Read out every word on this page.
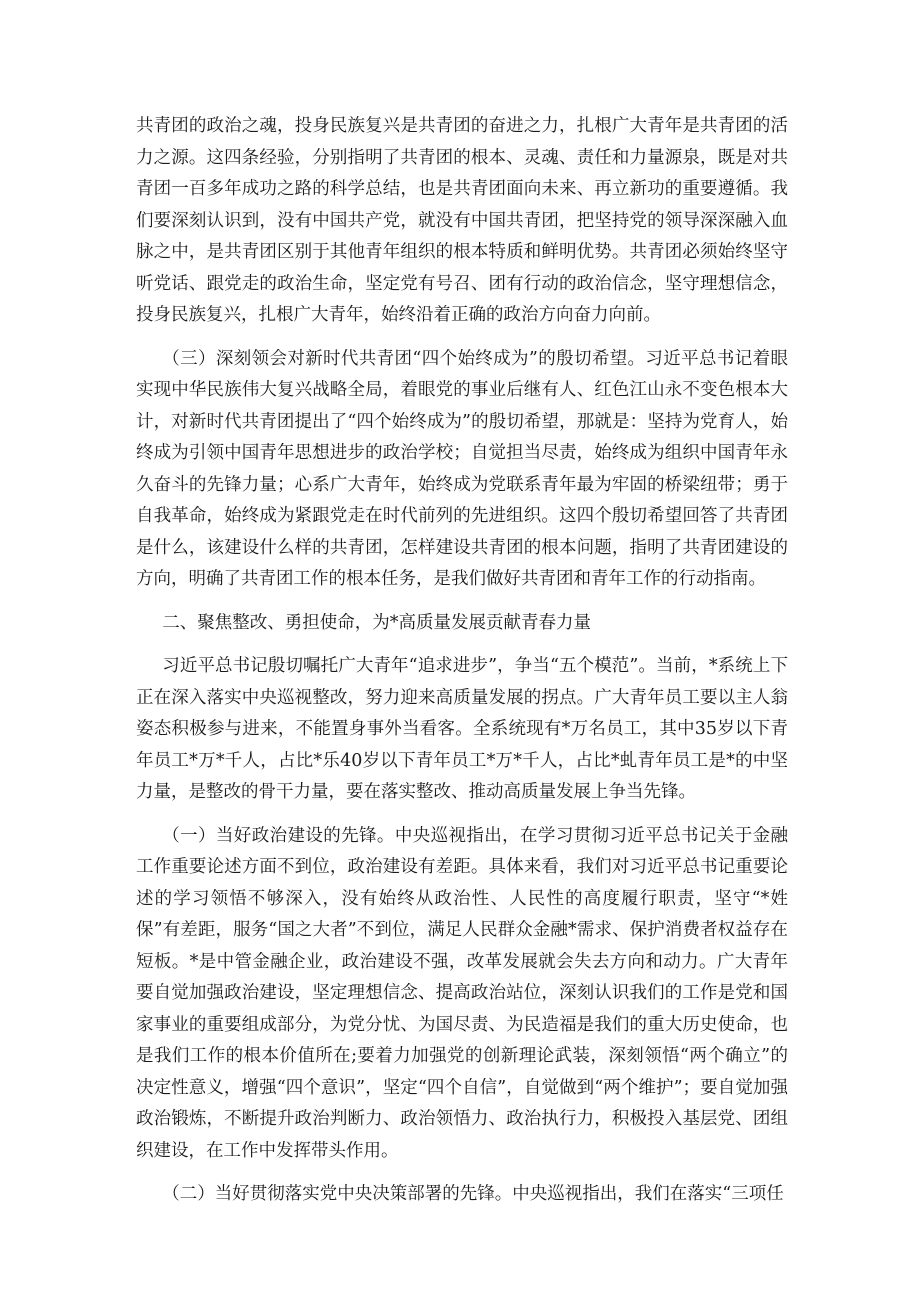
共青团的政治之魂，投身民族复兴是共青团的奋进之力，扎根广大青年是共青团的活力之源。这四条经验，分别指明了共青团的根本、灵魂、责任和力量源泉，既是对共青团一百多年成功之路的科学总结，也是共青团面向未来、再立新功的重要遵循。我们要深刻认识到，没有中国共产党，就没有中国共青团，把坚持党的领导深深融入血脉之中，是共青团区别于其他青年组织的根本特质和鲜明优势。共青团必须始终坚守听党话、跟党走的政治生命，坚定党有号召、团有行动的政治信念，坚守理想信念，投身民族复兴，扎根广大青年，始终沿着正确的政治方向奋力向前。

（三）深刻领会对新时代共青团“四个始终成为”的殷切希望。习近平总书记着眼实现中华民族伟大复兴战略全局，着眼党的事业后继有人、红色江山永不变色根本大计，对新时代共青团提出了“四个始终成为”的殷切希望，那就是：坚持为党育人，始终成为引领中国青年思想进步的政治学校；自觉担当尽责，始终成为组织中国青年永久奋斗的先锋力量；心系广大青年，始终成为党联系青年最为牢固的桥梁纽带；勇于自我革命，始终成为紧跟党走在时代前列的先进组织。这四个殷切希望回答了共青团是什么，该建设什么样的共青团，怎样建设共青团的根本问题，指明了共青团建设的方向，明确了共青团工作的根本任务，是我们做好共青团和青年工作的行动指南。

二、聚焦整改、勇担使命，为*高质量发展贡献青春力量

习近平总书记殷切嘱托广大青年“追求进步”，争当“五个模范”。当前，*系统上下正在深入落实中央巡视整改，努力迎来高质量发展的拐点。广大青年员工要以主人翁姿态积极参与进来，不能置身事外当看客。全系统现有*万名员工，其中35岁以下青年员工*万*千人，占比*乐40岁以下青年员工*万*千人，占比*虬青年员工是*的中坚力量，是整改的骨干力量，要在落实整改、推动高质量发展上争当先锋。

（一）当好政治建设的先锋。中央巡视指出，在学习贯彻习近平总书记关于金融工作重要论述方面不到位，政治建设有差距。具体来看，我们对习近平总书记重要论述的学习领悟不够深入，没有始终从政治性、人民性的高度履行职责，坚守“*姓保”有差距，服务“国之大者”不到位，满足人民群众金融*需求、保护消费者权益存在短板。*是中管金融企业，政治建设不强，改革发展就会失去方向和动力。广大青年要自觉加强政治建设，坚定理想信念、提高政治站位，深刻认识我们的工作是党和国家事业的重要组成部分，为党分忧、为国尽责、为民造福是我们的重大历史使命，也是我们工作的根本价值所在;要着力加强党的创新理论武装，深刻领悟“两个确立”的决定性意义，增强“四个意识”，坚定“四个自信”，自觉做到“两个维护”；要自觉加强政治锻炼，不断提升政治判断力、政治领悟力、政治执行力，积极投入基层党、团组织建设，在工作中发挥带头作用。

（二）当好贯彻落实党中央决策部署的先锋。中央巡视指出，我们在落实“三项任
